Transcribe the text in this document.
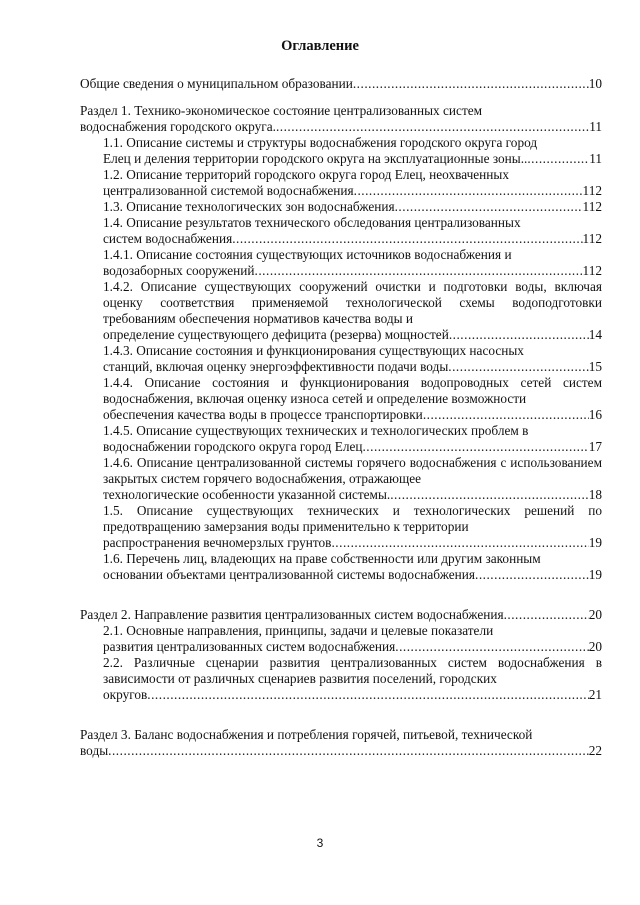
Оглавление
Общие сведения о муниципальном образовании .....	10
Раздел 1. Технико-экономическое состояние централизованных систем
водоснабжения городского округа. .....	11
1.1. Описание системы и структуры водоснабжения городского округа город
Елец и деления территории городского округа на эксплуатационные зоны.. .....	11
1.2. Описание территорий городского округа город Елец, неохваченных
централизованной системой водоснабжения .....	112
1.3. Описание технологических зон водоснабжения .....	112
1.4. Описание результатов технического обследования централизованных
систем водоснабжения .....	112
1.4.1. Описание состояния существующих источников водоснабжения и
водозаборных сооружений .....	112
1.4.2. Описание существующих сооружений очистки и подготовки воды, включая оценку соответствия применяемой технологической схемы водоподготовки требованиям обеспечения нормативов качества воды и
определение существующего дефицита (резерва) мощностей .....	14
1.4.3. Описание состояния и функционирования существующих насосных
станций, включая оценку энергоэффективности подачи воды .....	15
1.4.4. Описание состояния и функционирования водопроводных сетей систем водоснабжения, включая оценку износа сетей и определение возможности
обеспечения качества воды в процессе транспортировки .....	16
1.4.5. Описание существующих технических и технологических проблем в
водоснабжении городского округа город Елец .....	17
1.4.6. Описание централизованной системы горячего водоснабжения с использованием закрытых систем горячего водоснабжения, отражающее
технологические особенности указанной системы. .....	18
1.5. Описание существующих технических и технологических решений по предотвращению замерзания воды применительно к территории
распространения вечномерзлых грунтов .....	19
1.6. Перечень лиц, владеющих на праве собственности или другим законным
основании объектами централизованной системы водоснабжения .....	19
Раздел 2. Направление развития централизованных систем водоснабжения .....	20
2.1. Основные направления, принципы, задачи и целевые показатели
развития централизованных систем водоснабжения .....	20
2.2. Различные сценарии развития централизованных систем водоснабжения в зависимости от различных сценариев развития поселений, городских
округов .....	21
Раздел 3. Баланс водоснабжения и потребления горячей, питьевой, технической
воды .....	22
3
